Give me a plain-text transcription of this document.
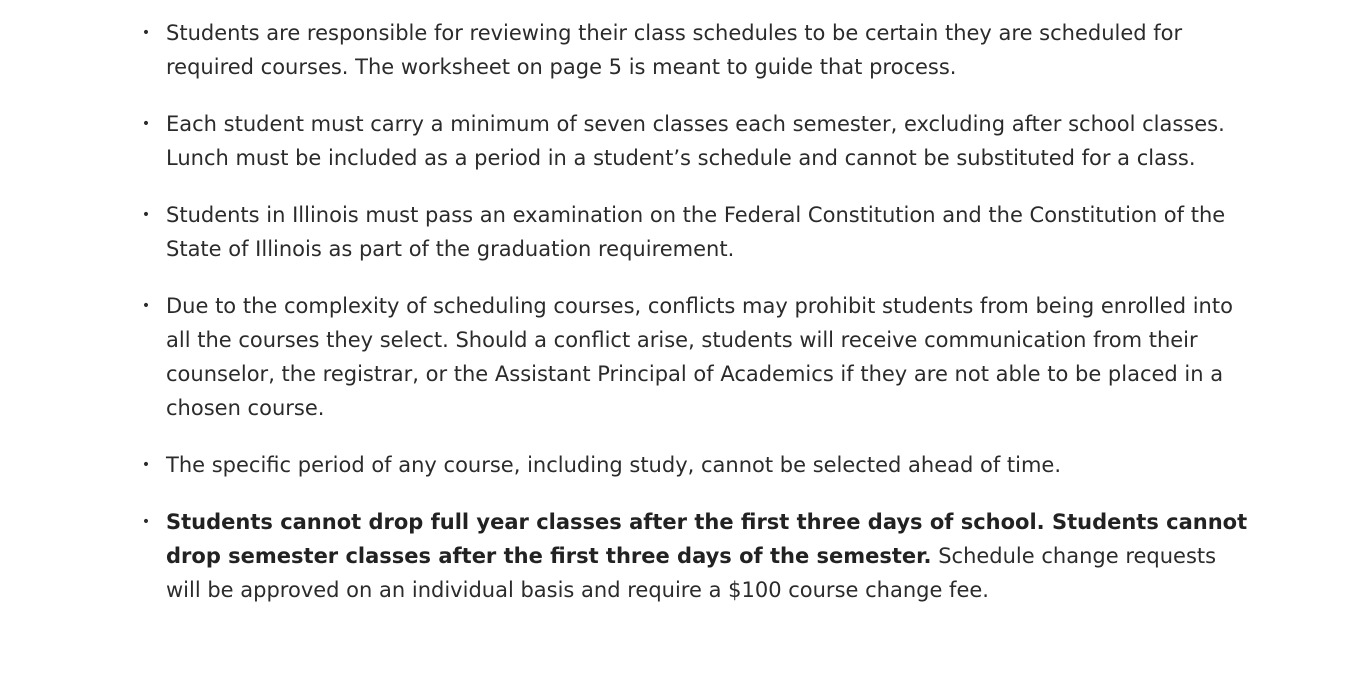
• Students are responsible for reviewing their class schedules to be certain they are scheduled for required courses. The worksheet on page 5 is meant to guide that process.
• Each student must carry a minimum of seven classes each semester, excluding after school classes. Lunch must be included as a period in a student’s schedule and cannot be substituted for a class.
• Students in Illinois must pass an examination on the Federal Constitution and the Constitution of the State of Illinois as part of the graduation requirement.
• Due to the complexity of scheduling courses, conflicts may prohibit students from being enrolled into all the courses they select. Should a conflict arise, students will receive communication from their counselor, the registrar, or the Assistant Principal of Academics if they are not able to be placed in a chosen course.
• The specific period of any course, including study, cannot be selected ahead of time.
• Students cannot drop full year classes after the first three days of school. Students cannot drop semester classes after the first three days of the semester. Schedule change requests will be approved on an individual basis and require a $100 course change fee.
